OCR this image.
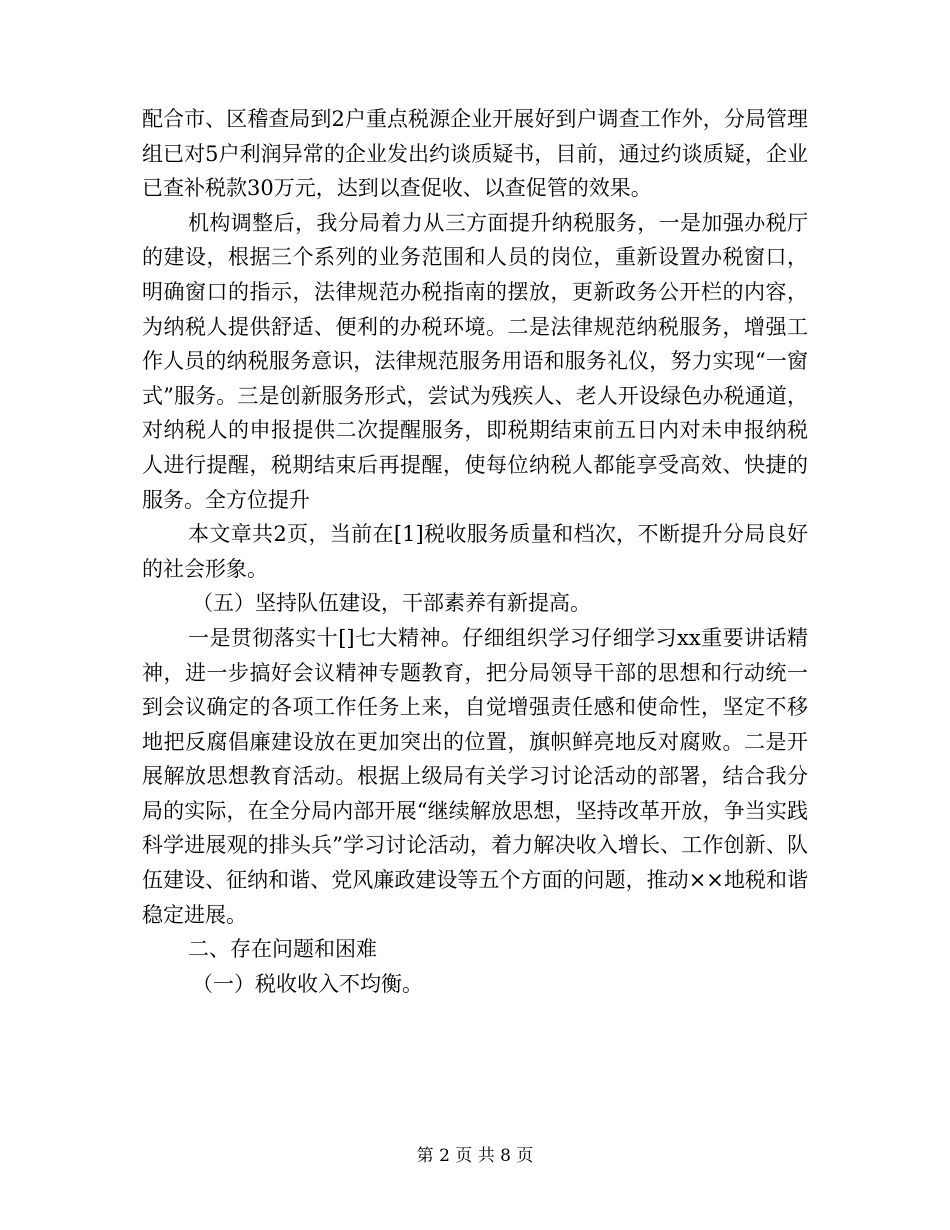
配合市、区稽查局到2户重点税源企业开展好到户调查工作外，分局管理组已对5户利润异常的企业发出约谈质疑书，目前，通过约谈质疑，企业已查补税款30万元，达到以查促收、以查促管的效果。

机构调整后，我分局着力从三方面提升纳税服务，一是加强办税厅的建设，根据三个系列的业务范围和人员的岗位，重新设置办税窗口，明确窗口的指示，法律规范办税指南的摆放，更新政务公开栏的内容，为纳税人提供舒适、便利的办税环境。二是法律规范纳税服务，增强工作人员的纳税服务意识，法律规范服务用语和服务礼仪，努力实现“一窗式”服务。三是创新服务形式，尝试为残疾人、老人开设绿色办税通道，对纳税人的申报提供二次提醒服务，即税期结束前五日内对未申报纳税人进行提醒，税期结束后再提醒，使每位纳税人都能享受高效、快捷的服务。全方位提升

本文章共2页，当前在[1]税收服务质量和档次，不断提升分局良好的社会形象。

（五）坚持队伍建设，干部素养有新提高。

一是贯彻落实十[]七大精神。仔细组织学习仔细学习xx重要讲话精神，进一步搞好会议精神专题教育，把分局领导干部的思想和行动统一到会议确定的各项工作任务上来，自觉增强责任感和使命性，坚定不移地把反腐倡廉建设放在更加突出的位置，旗帜鲜亮地反对腐败。二是开展解放思想教育活动。根据上级局有关学习讨论活动的部署，结合我分局的实际，在全分局内部开展“继续解放思想，坚持改革开放，争当实践科学进展观的排头兵”学习讨论活动，着力解决收入增长、工作创新、队伍建设、征纳和谐、党风廉政建设等五个方面的问题，推动××地税和谐稳定进展。

二、存在问题和困难

（一）税收收入不均衡。

第 2 页 共 8 页
